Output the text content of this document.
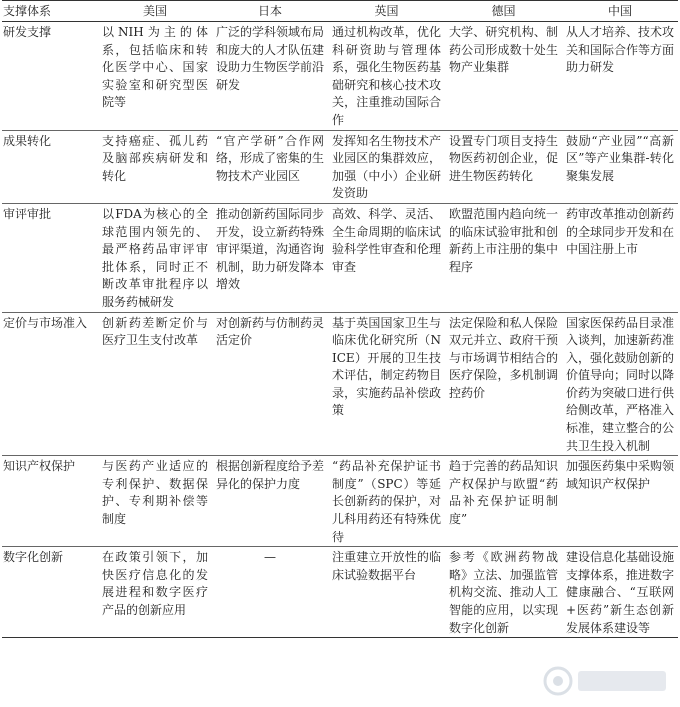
支撑体系	美国	日本	英国	德国	中国
研发支撑	以NIH为主的体系，包括临床和转化医学中心、国家实验室和研究型医院等	广泛的学科领域布局和庞大的人才队伍建设助力生物医学前沿研发	通过机构改革，优化科研资助与管理体系，强化生物医药基础研究和核心技术攻关，注重推动国际合作	大学、研究机构、制药公司形成数十处生物产业集群	从人才培养、技术攻关和国际合作等方面助力研发
成果转化	支持癌症、孤儿药及脑部疾病研发和转化	“官产学研”合作网络，形成了密集的生物技术产业园区	发挥知名生物技术产业园区的集群效应，加强（中小）企业研发资助	设置专门项目支持生物医药初创企业，促进生物医药转化	鼓励“产业园”“高新区”等产业集群-转化聚集发展
审评审批	以FDA为核心的全球范围内领先的、最严格药品审评审批体系，同时正不断改革审批程序以服务药械研发	推动创新药国际同步开发，设立新药特殊审评渠道，沟通咨询机制，助力研发降本增效	高效、科学、灵活、全生命周期的临床试验科学性审查和伦理审查	欧盟范围内趋向统一的临床试验审批和创新药上市注册的集中程序	药审改革推动创新药的全球同步开发和在中国注册上市
定价与市场准入	创新药差断定价与医疗卫生支付改革	对创新药与仿制药灵活定价	基于英国国家卫生与临床优化研究所（NICE）开展的卫生技术评估，制定药物目录，实施药品补偿政策	法定保险和私人保险双元并立、政府干预与市场调节相结合的医疗保险，多机制调控药价	国家医保药品目录准入谈判，加速新药准入，强化鼓励创新的价值导向；同时以降价药为突破口进行供给侧改革，严格准入标准，建立整合的公共卫生投入机制
知识产权保护	与医药产业适应的专利保护、数据保护、专利期补偿等制度	根据创新程度给予差异化的保护力度	“药品补充保护证书制度”（SPC）等延长创新药的保护，对儿科用药还有特殊优待	趋于完善的药品知识产权保护与欧盟“药品补充保护证明制度”	加强医药集中采购领域知识产权保护
数字化创新	在政策引领下，加快医疗信息化的发展进程和数字医疗产品的创新应用	—	注重建立开放性的临床试验数据平台	参考《欧洲药物战略》立法、加强监管机构交流、推动人工智能的应用，以实现数字化创新	建设信息化基础设施支撑体系，推进数字健康融合、“互联网+医药”新生态创新发展体系建设等
